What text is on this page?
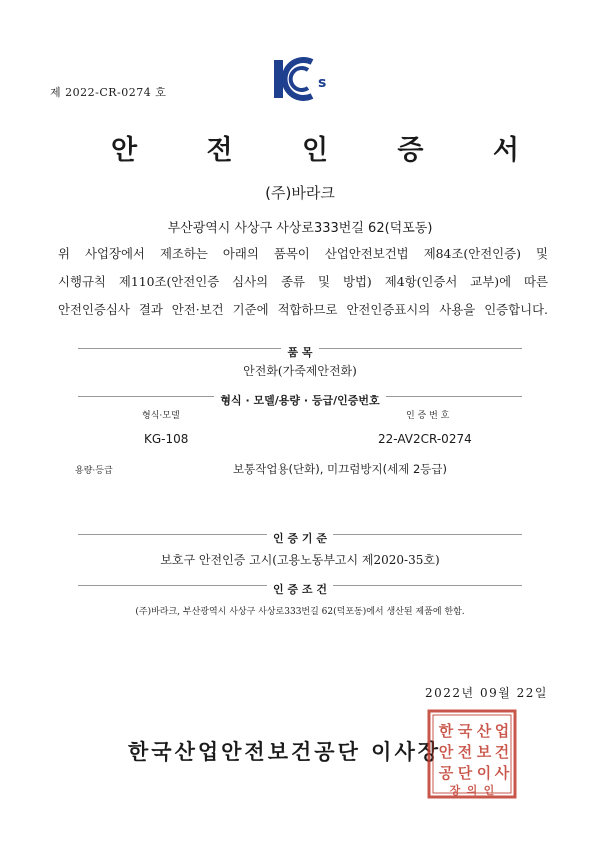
제 2022-CR-0274 호
s
안 전 인 증 서
(주)바라크
부산광역시 사상구 사상로333번길 62(덕포동)
위 사업장에서 제조하는 아래의 품목이 산업안전보건법 제84조(안전인증) 및
시행규칙 제110조(안전인증 심사의 종류 및 방법) 제4항(인증서 교부)에 따른
안전인증심사 결과 안전·보건 기준에 적합하므로 안전인증표시의 사용을 인증합니다.
품 목
안전화(가죽제안전화)
형식 · 모델/용량 · 등급/인증번호
형식·모델	인 증 번 호
KG-108	22-AV2CR-0274
용량·등급	보통작업용(단화), 미끄럼방지(세제 2등급)
인 증 기 준
보호구 안전인증 고시(고용노동부고시 제2020-35호)
인 증 조 건
(주)바라크, 부산광역시 사상구 사상로333번길 62(덕포동)에서 생산된 제품에 한함.
2022년 09월 22일
한국산업안전보건공단 이사장
한 국 산 업
안 전 보 건
공 단 이 사
장 의 인
